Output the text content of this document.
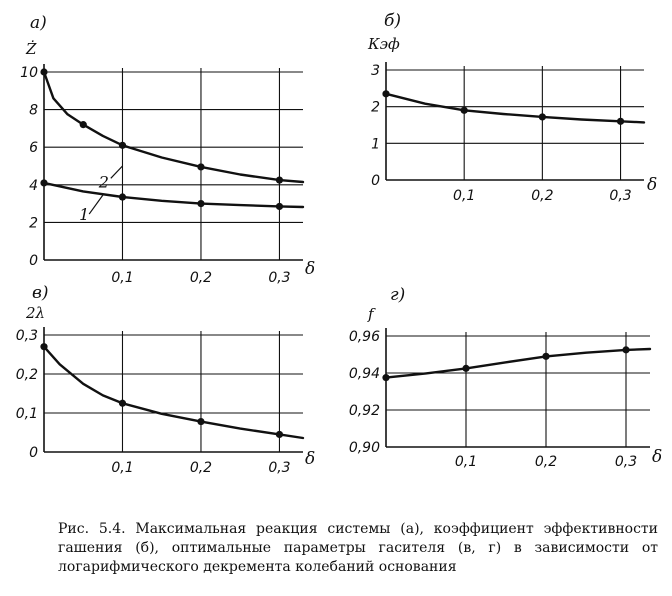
0
2
4
6
8
10
0,1	0,2	0,3
а)
Ż
δ
1
2	0
1
2
3
0,1	0,2	0,3
б)
Кэф
δ
0
0,1
0,2
0,3
0,1	0,2	0,3
в)
2λ
δ
0,90
0,92
0,94
0,96
0,1	0,2	0,3
г)
f
δ
Рис. 5.4. Максимальная реакция системы (а), коэффициент эффективности гашения (б), оптимальные параметры гасителя (в, г) в зависимости от логарифмического декремента колебаний основания
